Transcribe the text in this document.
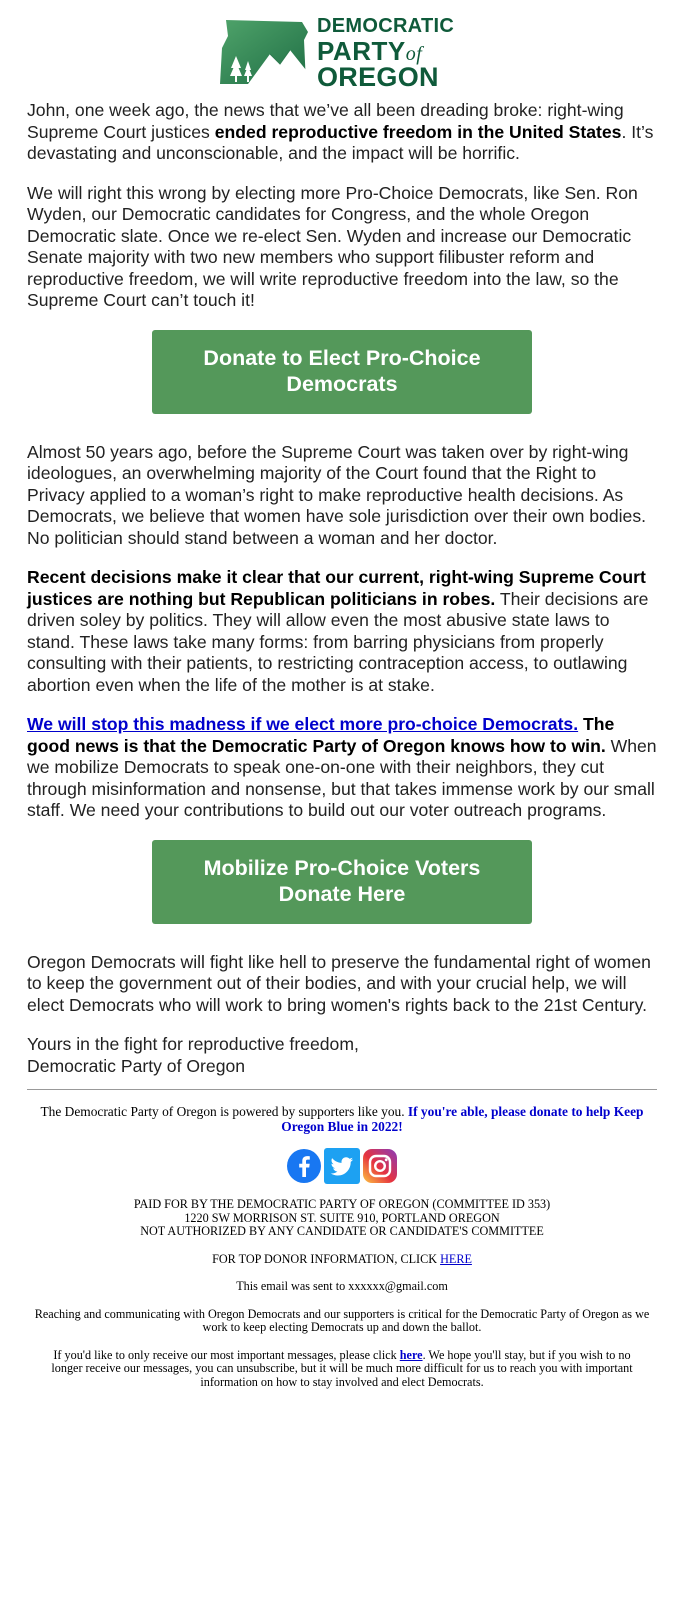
DEMOCRATIC
PARTYof
OREGON

John, one week ago, the news that we’ve all been dreading broke: right-wing Supreme Court justices ended reproductive freedom in the United States. It’s devastating and unconscionable, and the impact will be horrific.

We will right this wrong by electing more Pro-Choice Democrats, like Sen. Ron Wyden, our Democratic candidates for Congress, and the whole Oregon Democratic slate. Once we re-elect Sen. Wyden and increase our Democratic Senate majority with two new members who support filibuster reform and reproductive freedom, we will write reproductive freedom into the law, so the Supreme Court can’t touch it!

Donate to Elect Pro-Choice Democrats

Almost 50 years ago, before the Supreme Court was taken over by right-wing ideologues, an overwhelming majority of the Court found that the Right to Privacy applied to a woman’s right to make reproductive health decisions. As Democrats, we believe that women have sole jurisdiction over their own bodies. No politician should stand between a woman and her doctor.

Recent decisions make it clear that our current, right-wing Supreme Court justices are nothing but Republican politicians in robes. Their decisions are driven soley by politics. They will allow even the most abusive state laws to stand. These laws take many forms: from barring physicians from properly consulting with their patients, to restricting contraception access, to outlawing abortion even when the life of the mother is at stake.

We will stop this madness if we elect more pro-choice Democrats. The good news is that the Democratic Party of Oregon knows how to win. When we mobilize Democrats to speak one-on-one with their neighbors, they cut through misinformation and nonsense, but that takes immense work by our small staff. We need your contributions to build out our voter outreach programs.

Mobilize Pro-Choice Voters Donate Here

Oregon Democrats will fight like hell to preserve the fundamental right of women to keep the government out of their bodies, and with your crucial help, we will elect Democrats who will work to bring women's rights back to the 21st Century.

Yours in the fight for reproductive freedom,
Democratic Party of Oregon

The Democratic Party of Oregon is powered by supporters like you. If you're able, please donate to help Keep Oregon Blue in 2022!

PAID FOR BY THE DEMOCRATIC PARTY OF OREGON (COMMITTEE ID 353)
1220 SW MORRISON ST. SUITE 910, PORTLAND OREGON
NOT AUTHORIZED BY ANY CANDIDATE OR CANDIDATE'S COMMITTEE

FOR TOP DONOR INFORMATION, CLICK HERE

This email was sent to xxxxxx@gmail.com

Reaching and communicating with Oregon Democrats and our supporters is critical for the Democratic Party of Oregon as we work to keep electing Democrats up and down the ballot.

If you'd like to only receive our most important messages, please click here. We hope you'll stay, but if you wish to no longer receive our messages, you can unsubscribe, but it will be much more difficult for us to reach you with important information on how to stay involved and elect Democrats.
